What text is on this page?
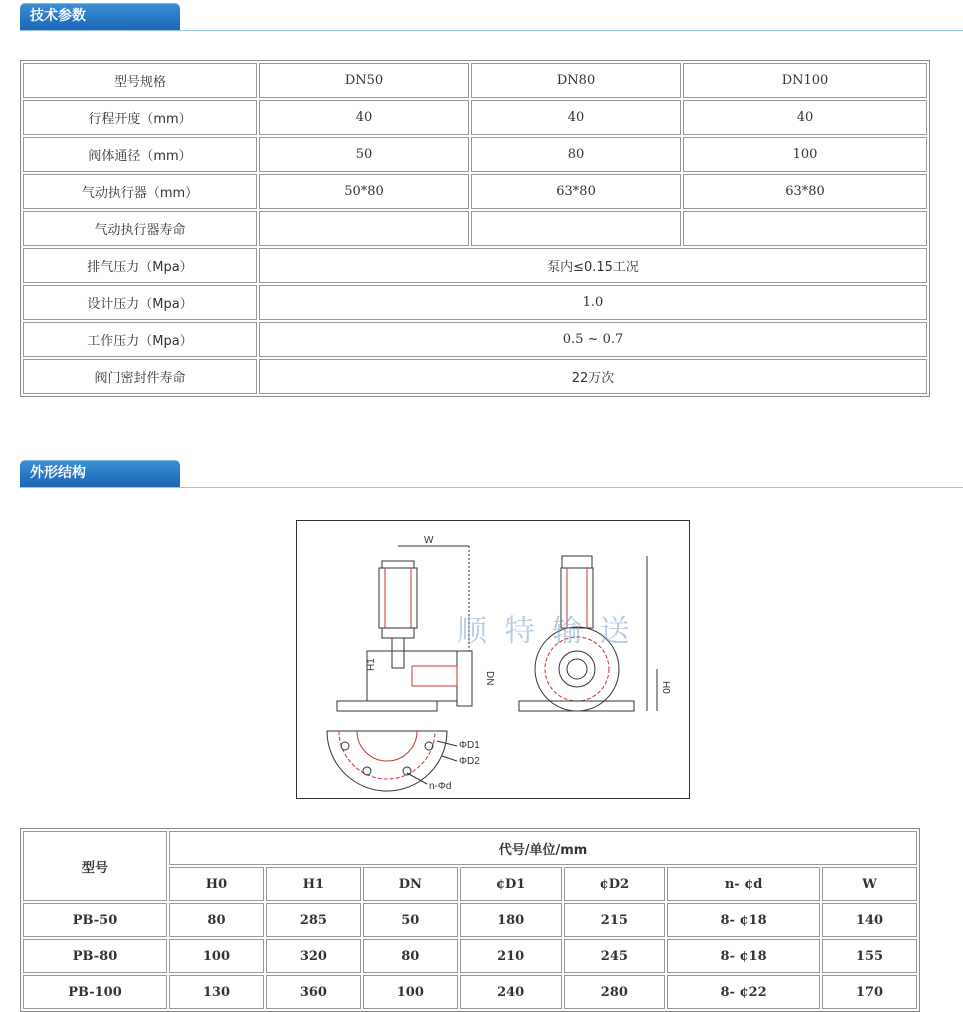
技术参数
型号规格	DN50	DN80	DN100
行程开度（mm）	40	40	40
阀体通径（mm）	50	80	100
气动执行器（mm）	50*80	63*80	63*80
气动执行器寿命			
排气压力（Mpa）	泵内≤0.15工况		
设计压力（Mpa）	1.0		
工作压力（Mpa）	0.5 ~ 0.7		
阀门密封件寿命	22万次		
外形结构
W
H1
DN
H0
ΦD1
ΦD2
n-Φd
顺 特 输 送
型号	代号/单位/mm						
	H0	H1	DN	¢D1	¢D2	n- ¢d	W
PB-50	80	285	50	180	215	8- ¢18	140
PB-80	100	320	80	210	245	8- ¢18	155
PB-100	130	360	100	240	280	8- ¢22	170
